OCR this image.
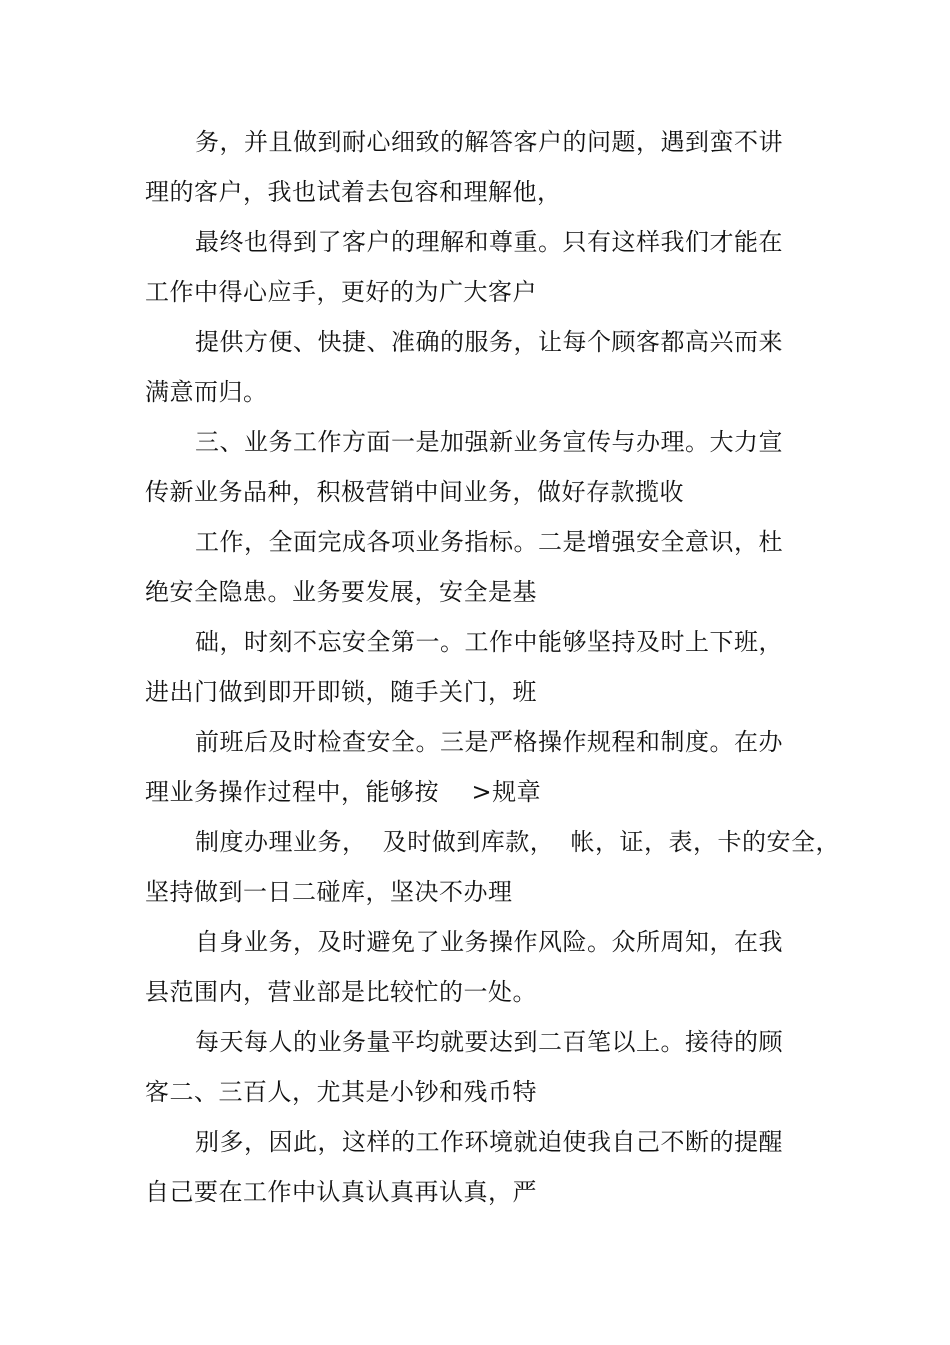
务，并且做到耐心细致的解答客户的问题，遇到蛮不讲
理的客户，我也试着去包容和理解他，
最终也得到了客户的理解和尊重。只有这样我们才能在
工作中得心应手，更好的为广大客户
提供方便、快捷、准确的服务，让每个顾客都高兴而来
满意而归。
三、业务工作方面一是加强新业务宣传与办理。大力宣
传新业务品种，积极营销中间业务，做好存款揽收
工作，全面完成各项业务指标。二是增强安全意识，杜
绝安全隐患。业务要发展，安全是基
础，时刻不忘安全第一。工作中能够坚持及时上下班，
进出门做到即开即锁，随手关门，班
前班后及时检查安全。三是严格操作规程和制度。在办
理业务操作过程中，能够按    >规章
制度办理业务，  及时做到库款，  帐，证，表，卡的安全，
坚持做到一日二碰库，坚决不办理
自身业务，及时避免了业务操作风险。众所周知，在我
县范围内，营业部是比较忙的一处。
每天每人的业务量平均就要达到二百笔以上。接待的顾
客二、三百人，尤其是小钞和残币特
别多，因此，这样的工作环境就迫使我自己不断的提醒
自己要在工作中认真认真再认真，严
